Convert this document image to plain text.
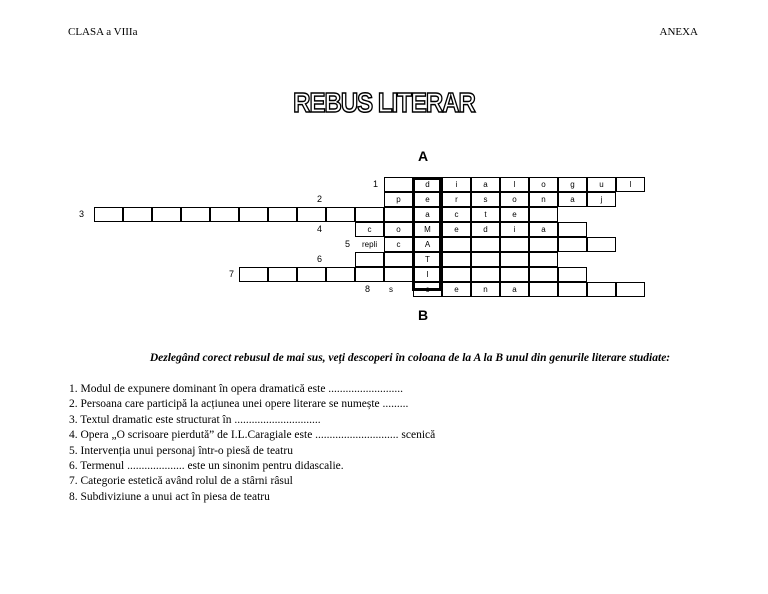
CLASA a VIIIa	ANEXA
REBUS LITERAR
A
1	d	i	a	l	o	g	u	l
2	p	e	r	s	o	n	a	j
3	a	c	t	e
4	c	o	M	e	d	i	a
5 repli	c	A
6	T
7	I
8 s	c	e	n	a
B
Dezlegând corect rebusul de mai sus, veți descoperi în coloana de la A la B unul din genurile literare studiate:
1. Modul de expunere dominant în opera dramatică este ..........................
2. Persoana care participă la acțiunea unei opere literare se numește .........
3. Textul dramatic este structurat în ..............................
4. Opera „O scrisoare pierdută” de I.L.Caragiale este ............................. scenică
5. Intervenția unui personaj într-o piesă de teatru
6. Termenul .................... este un sinonim pentru didascalie.
7. Categorie estetică având rolul de a stârni râsul
8. Subdiviziune a unui act în piesa de teatru
